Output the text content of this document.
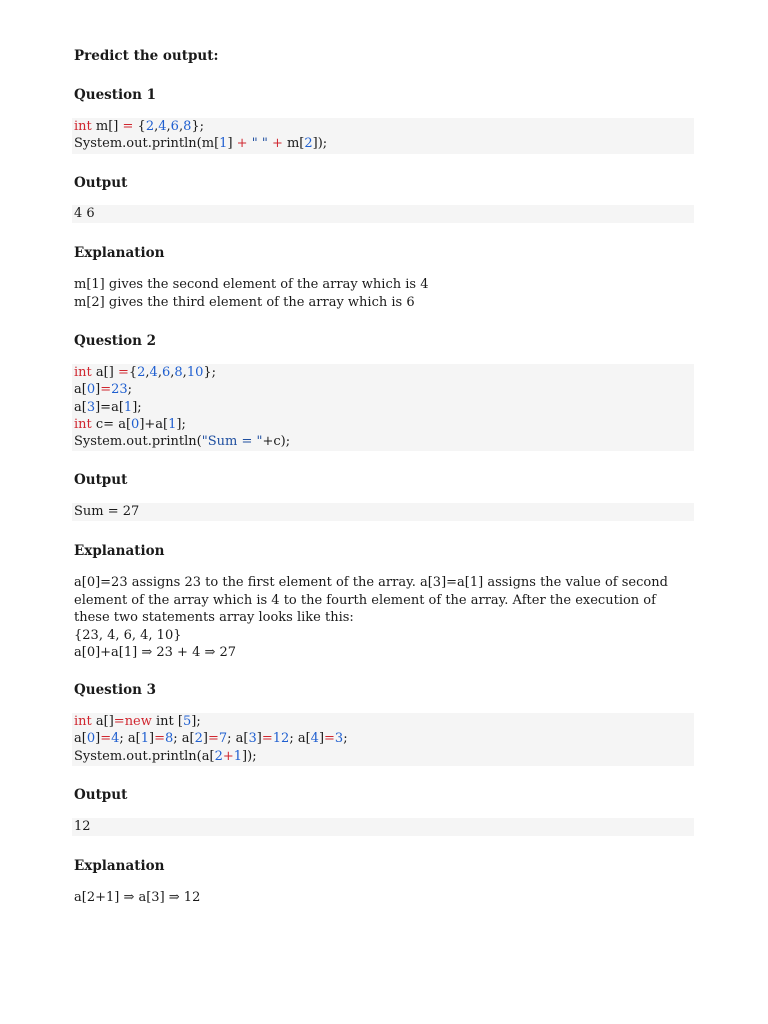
Predict the output:
Question 1
int m[] = {2,4,6,8};
System.out.println(m[1] + " " + m[2]);
Output
4 6
Explanation
m[1] gives the second element of the array which is 4
m[2] gives the third element of the array which is 6
Question 2
int a[] ={2,4,6,8,10};
a[0]=23;
a[3]=a[1];
int c= a[0]+a[1];
System.out.println("Sum = "+c);
Output
Sum = 27
Explanation
a[0]=23 assigns 23 to the first element of the array. a[3]=a[1] assigns the value of second
element of the array which is 4 to the fourth element of the array. After the execution of
these two statements array looks like this:
{23, 4, 6, 4, 10}
a[0]+a[1] ⇒ 23 + 4 ⇒ 27
Question 3
int a[]=new int [5];
a[0]=4; a[1]=8; a[2]=7; a[3]=12; a[4]=3;
System.out.println(a[2+1]);
Output
12
Explanation
a[2+1] ⇒ a[3] ⇒ 12
